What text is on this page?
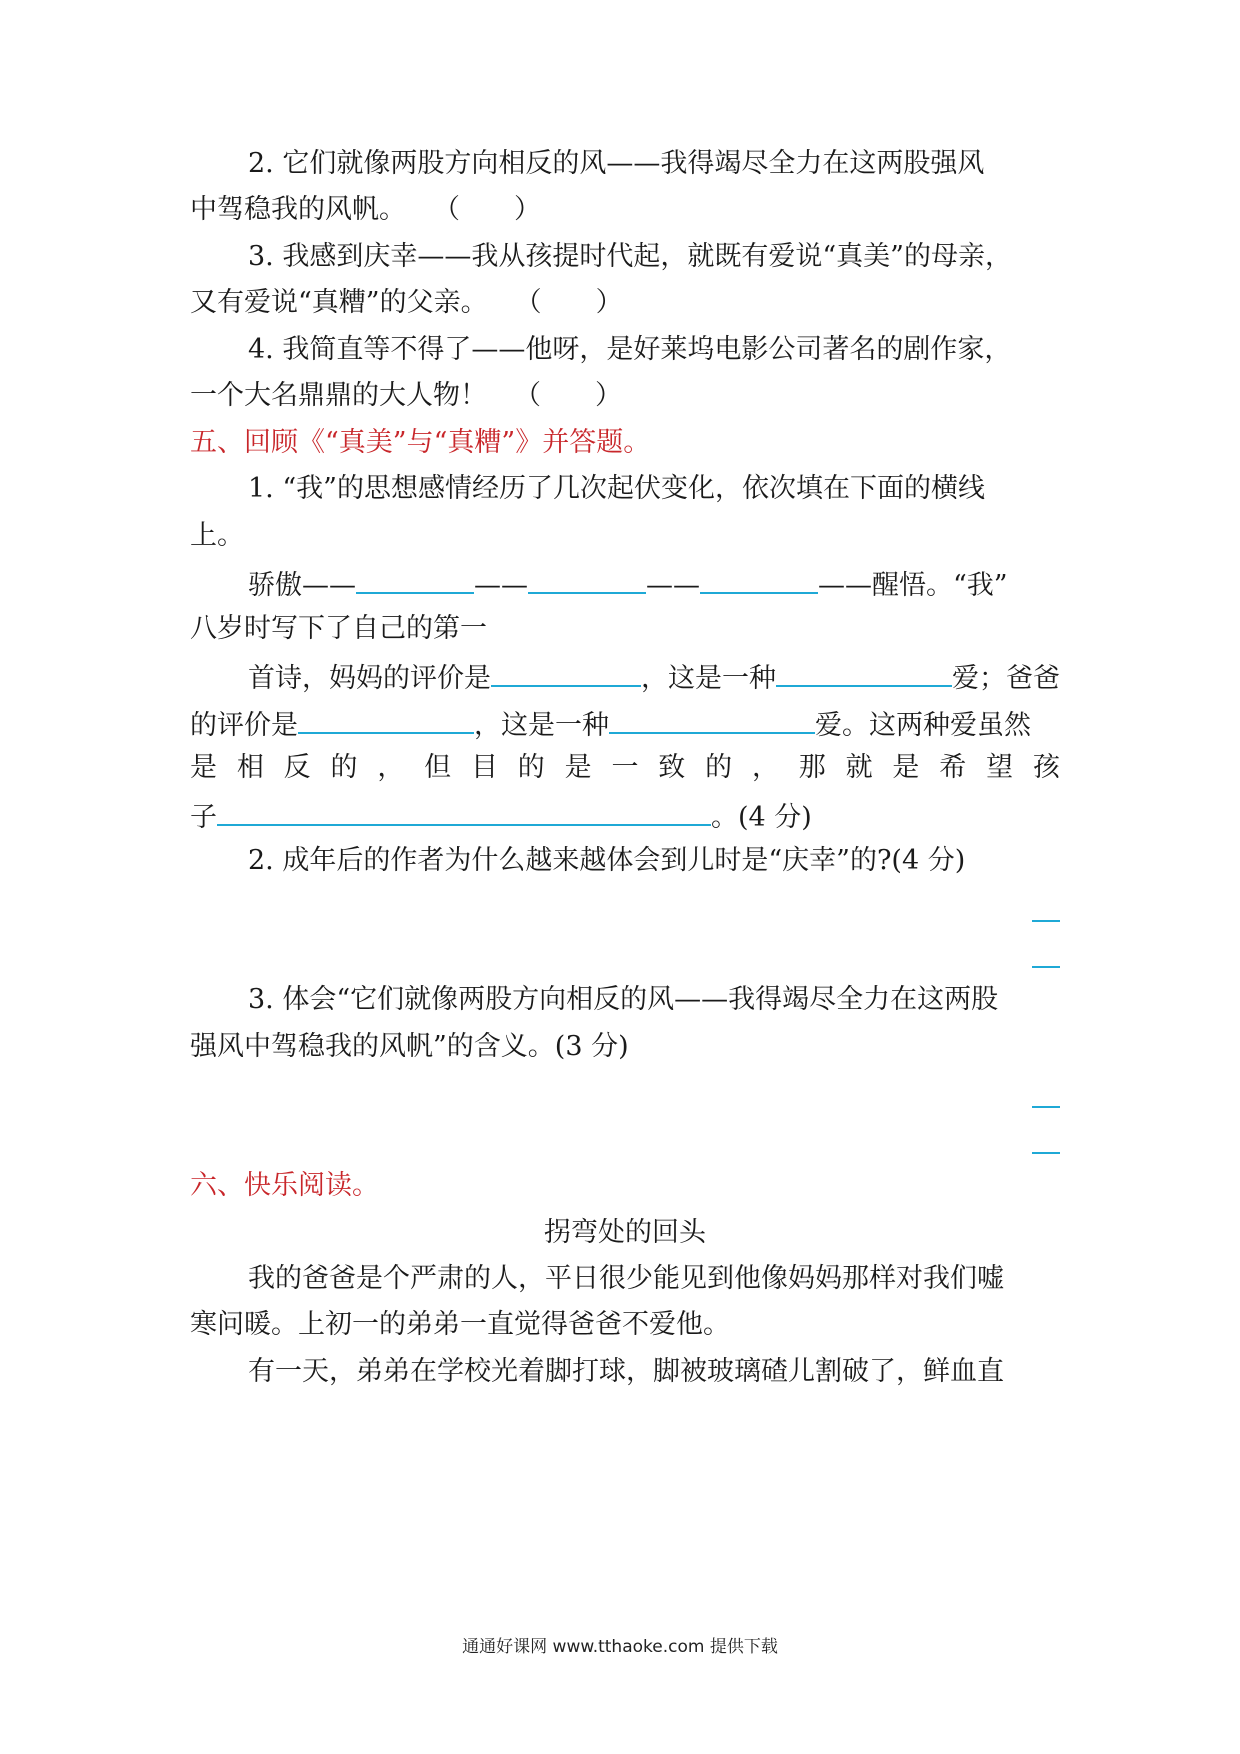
2. 它们就像两股方向相反的风——我得竭尽全力在这两股强风
中驾稳我的风帆。  （　　）
3. 我感到庆幸——我从孩提时代起，就既有爱说“真美”的母亲，
又有爱说“真糟”的父亲。  （　　）
4. 我简直等不得了——他呀，是好莱坞电影公司著名的剧作家，
一个大名鼎鼎的大人物！  （　　）
五、回顾《“真美”与“真糟”》并答题。
1. “我”的思想感情经历了几次起伏变化，依次填在下面的横线
上。
骄傲——	——	——	——醒悟。“我”
八岁时写下了自己的第一
首诗，妈妈的评价是	，这是一种	爱；爸爸
的评价是	，这是一种	爱。这两种爱虽然
是 相 反 的 ， 但 目 的 是 一 致 的 ， 那 就 是 希 望 孩
子	。(4 分)
2. 成年后的作者为什么越来越体会到儿时是“庆幸”的?(4 分)
3. 体会“它们就像两股方向相反的风——我得竭尽全力在这两股
强风中驾稳我的风帆”的含义。(3 分)
六、快乐阅读。
拐弯处的回头
我的爸爸是个严肃的人，平日很少能见到他像妈妈那样对我们嘘
寒问暖。上初一的弟弟一直觉得爸爸不爱他。
有一天，弟弟在学校光着脚打球，脚被玻璃碴儿割破了，鲜血直
通通好课网 www.tthaoke.com 提供下载
